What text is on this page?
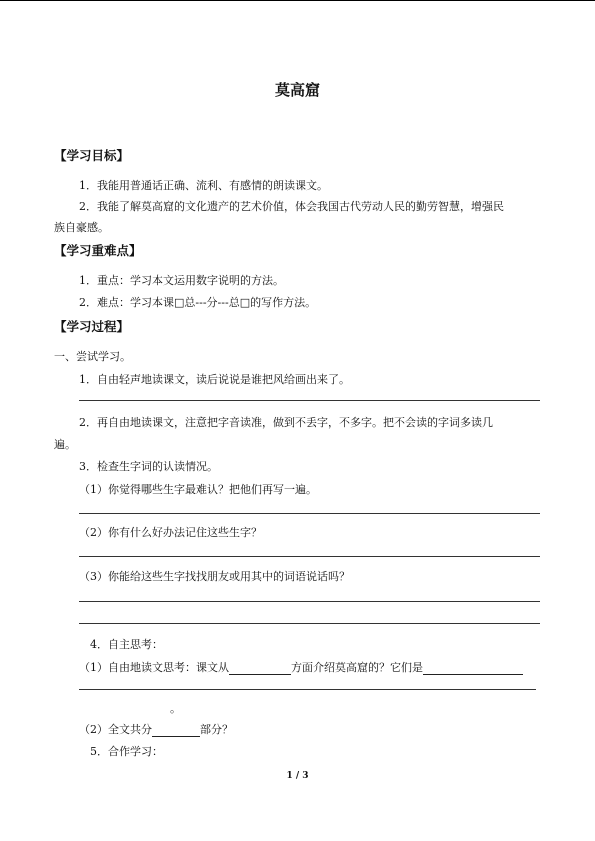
莫高窟
【学习目标】
1．我能用普通话正确、流利、有感情的朗读课文。
2．我能了解莫高窟的文化遗产的艺术价值，体会我国古代劳动人民的勤劳智慧，增强民
族自豪感。
【学习重难点】
1．重点：学习本文运用数字说明的方法。
2．难点：学习本课□总---分---总□的写作方法。
【学习过程】
一、尝试学习。
1．自由轻声地读课文，读后说说是谁把风给画出来了。
2．再自由地读课文，注意把字音读准，做到不丢字，不多字。把不会读的字词多读几
遍。
3．检查生字词的认读情况。
（1）你觉得哪些生字最难认？把他们再写一遍。
（2）你有什么好办法记住这些生字？
（3）你能给这些生字找找朋友或用其中的词语说话吗？
4．自主思考：
（1）自由地读文思考：课文从	方面介绍莫高窟的？它们是
。
（2）全文共分	部分？
5．合作学习：
1 / 3
